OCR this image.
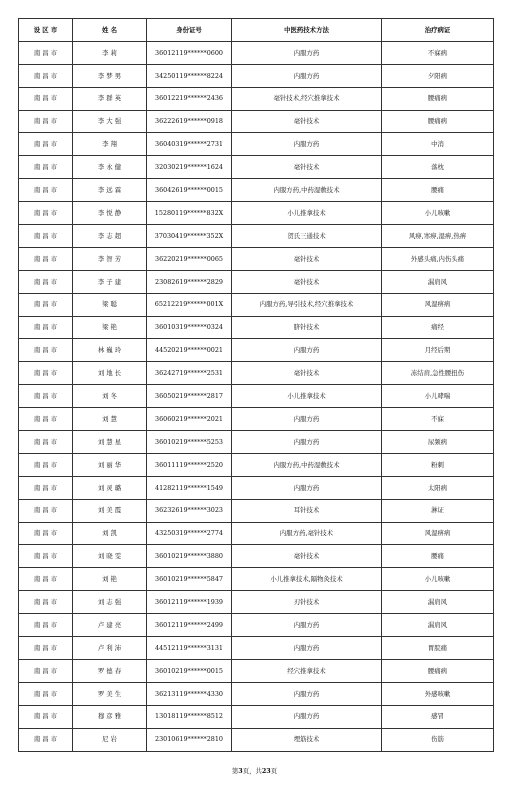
设 区 市	姓 名	身份证号	中医药技术方法	治疗病证
南 昌 市	李 莉	36012119******0600	内服方药	不寐病
南 昌 市	李 梦 男	34250119******8224	内服方药	夕阳病
南 昌 市	李 群 英	36012219******2436	毫针技术,经穴推拿技术	腰痛病
南 昌 市	李 大 强	36222619******0918	毫针技术	腰痛病
南 昌 市	李 翔	36040319******2731	内服方药	中消
南 昌 市	李 永 健	32030219******1624	毫针技术	落枕
南 昌 市	李 远 霖	36042619******0015	内服方药,中药湿敷技术	腰痛
南 昌 市	李 悦 静	15280119******832X	小儿推拿技术	小儿咳嗽
南 昌 市	李 志 超	37030419******352X	贺氏三通技术	风痹,寒痹,湿痹,热痹
南 昌 市	李 智 芳	36220219******0065	毫针技术	外感头痛,内伤头痛
南 昌 市	李 子 建	23082619******2829	毫针技术	漏肩风
南 昌 市	梁 聪	65212219******001X	内服方药,导引技术,经穴推拿技术	风湿痹病
南 昌 市	梁 艳	36010319******0324	脐针技术	痛经
南 昌 市	林 巍 玲	44520219******0021	内服方药	月经后期
南 昌 市	刘 地 长	36242719******2531	毫针技术	冻结肩,急性腰扭伤
南 昌 市	刘 冬	36050219******2817	小儿推拿技术	小儿哮喘
南 昌 市	刘 慧	36060219******2021	内服方药	不寐
南 昌 市	刘 慧 星	36010219******5253	内服方药	尿频病
南 昌 市	刘 丽 华	36011119******2520	内服方药,中药湿敷技术	粉刺
南 昌 市	刘 灵 璐	41282119******1549	内服方药	太阳病
南 昌 市	刘 美 霞	36232619******3023	耳针技术	淋证
南 昌 市	刘 凯	43250319******2774	内服方药,毫针技术	风湿痹病
南 昌 市	刘 晓 雯	36010219******3880	毫针技术	腰痛
南 昌 市	刘 艳	36010219******5847	小儿推拿技术,隔物灸技术	小儿咳嗽
南 昌 市	刘 志 强	36012119******1939	刃针技术	漏肩风
南 昌 市	卢 建 亮	36012119******2499	内服方药	漏肩风
南 昌 市	卢 利 沛	44512119******3131	内服方药	胃脘痛
南 昌 市	罗 德 春	36010219******0015	经穴推拿技术	腰痛病
南 昌 市	罗 美 生	36213119******4330	内服方药	外感咳嗽
南 昌 市	穆 彦 雅	13018119******8512	内服方药	感冒
南 昌 市	尼 岩	23010619******2810	埋筋技术	伤筋
第3页，共23页
